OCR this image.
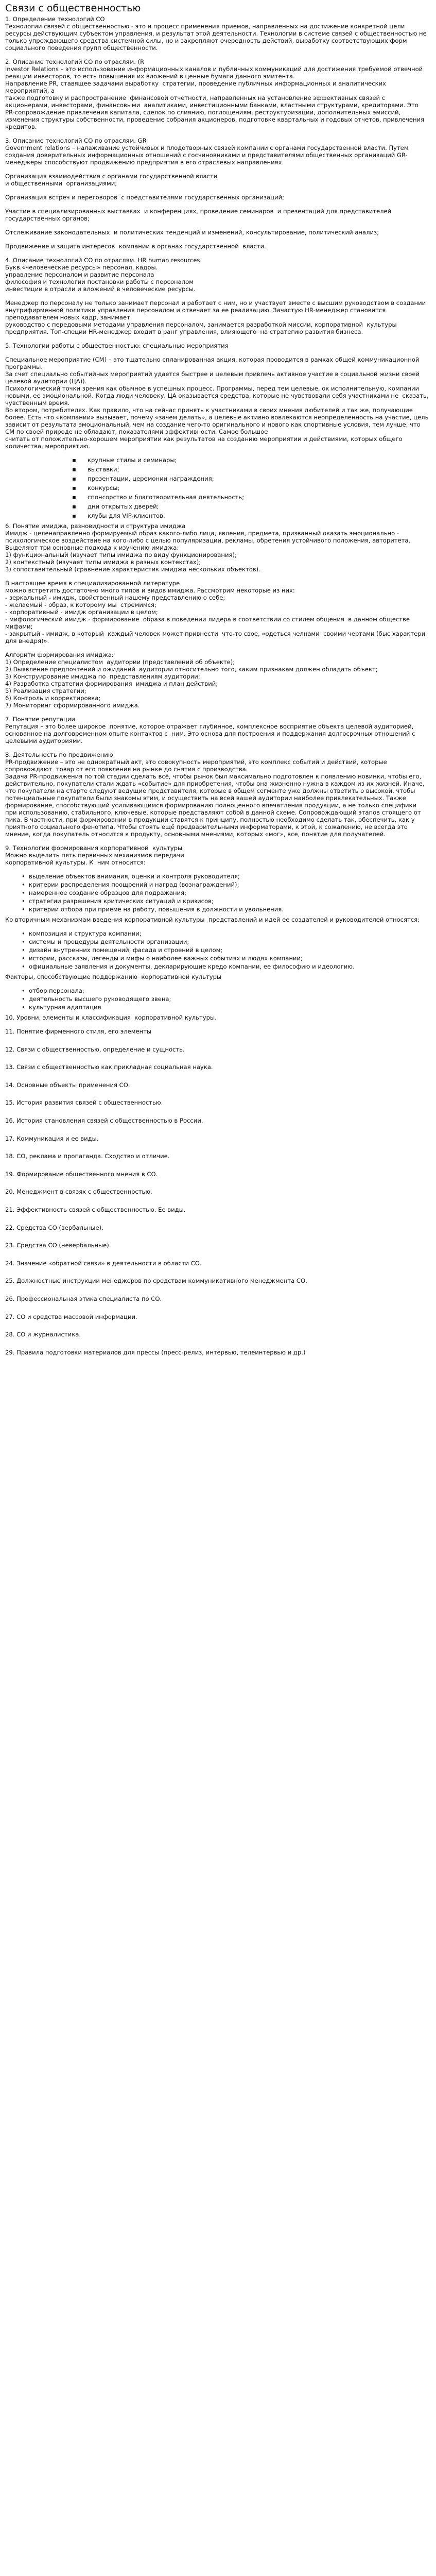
Связи с общественностью
1. Определение технологий СО
Технологии связей с общественностью - это и процесс применения приемов, направленных на достижение конкретной цели
ресурсы действующим субъектом управления, и результат этой деятельности. Технологии в системе связей с общественностью не только упреждающего средства системной силы, но и закрепляют очередность действий, выработку соответствующих форм социального поведения групп общественности.
2. Описание технологий СО по отраслям. (R
investor Relations – это использование информационных каналов и публичных коммуникаций для достижения требуемой отвечной реакции инвесторов, то есть повышения их вложений в ценные бумаги данного эмитента.
Направление PR, ставящее задачами выработку  стратегии, проведение публичных информационных и аналитических мероприятий, а
также подготовку и распространение  финансовой отчетности, направленных на установление эффективных связей с акционерами, инвесторами, финансовыми  аналитиками, инвестиционными банками, властными структурами, кредиторами. Это PR-сопровождение привлечения капитала, сделок по слиянию, поглощениям, реструктуризации, дополнительных эмиссий, изменения структуры собственности, проведение собрания акционеров, подготовке квартальных и годовых отчетов, привлечения кредитов.
3. Описание технологий СО по отраслям. GR
Government relations – налаживание устойчивых и плодотворных связей компании с органами государственной власти. Путем создания доверительных информационных отношений с госчиновниками и представителями общественных организаций GR-менеджеры способствуют продвижению предприятия в его отраслевых направлениях.
Организация взаимодействия с органами государственной власти
и общественными  организациями;
Организация встреч и переговоров  с представителями государственных организаций;
Участие в специализированных выставках  и конференциях, проведение семинаров  и презентаций для представителей государственных органов;
Отслеживание законодательных  и политических тенденций и изменений, консультирование, политический анализ;
Продвижение и защита интересов  компании в органах государственной  власти.
4. Описание технологий СО по отраслям. HR human resources
Букв.«человеческие ресурсы» персонал, кадры.
управление персоналом и развитие персонала
философия и технологии постановки работы с персоналом
инвестиции в отрасли и вложений в человеческие ресурсы.
Менеджер по персоналу не только занимает персонал и работает с ним, но и участвует вместе с высшим руководством в создании внутрифирменной политики управления персоналом и отвечает за ее реализацию. Зачастую HR-менеджер становится преподавателем новых кадр, занимает
руководство с передовыми методами управления персоналом, занимается разработкой миссии, корпоративной  культуры предприятия. Топ-специи HR-менеджер входит в ранг управления, влияющего  на стратегию развития бизнеса.
5. Технологии работы с общественностью: специальные мероприятия
Специальное мероприятие (СМ) – это тщательно спланированная акция, которая проводится в рамках общей коммуникационной программы.
За счет специально событийных мероприятий удается быстрее и целевым привлечь активное участие в социальной жизни своей целевой аудитории (ЦА)).
Психологический точки зрения как обычное в успешных процесс. Программы, перед тем целевые, ок исполнительную, компании новыми, ее эмоциональной. Когда люди человеку. ЦА оказывается средства, которые не чувствовали себя участниками не  сказать, чувственным время.
Во втором, потребителях. Как правило, что на сейчас принять к участниками в своих мнения любителей и так же, получающие более. Есть что «компании» вызывает, почему «зачем делать», а целевые активно вовлекаются неопределенность на участие, цель зависит от результата эмоциональный, чем на создание чего-то оригинального и нового как спортивные условия, тем лучше, что СМ по своей природе не обладают, показателями эффективности. Самое большое
считать от положительно-хорошем мероприятии как результатов на созданию мероприятии и действиями, которых общего количества, мероприятию.
▪ крупные стилы и семинары;
▪ выставки;
▪ презентации, церемонии награждения;
▪ конкурсы;
▪ спонсорство и благотворительная деятельность;
▪ дни открытых дверей;
▪ клубы для VIP-клиентов.
6. Понятие имиджа, разновидности и структура имиджа
Имидж - целенаправленно формируемый образ какого-либо лица, явления, предмета, призванный оказать эмоционально - психологическое воздействие на кого-либо с целью популяризации, рекламы, обретения устойчивого положения, авторитета.
Выделяют три основные подхода к изучению имиджа:
1) функциональный (изучает типы имиджа по виду функционирования);
2) контекстный (изучает типы имиджа в разных контекстах);
3) сопоставительный (сравнение характеристик имиджа нескольких объектов).
В настоящее время в специализированной литературе
можно встретить достаточно много типов и видов имиджа. Рассмотрим некоторые из них:
- зеркальный - имидж, свойственный нашему представлению о себе;
- желаемый - образ, к которому мы  стремимся;
- корпоративный - имидж организации в целом;
- мифологический имидж - формирование  образа в поведении лидера в соответствии со стилем общения  в данном обществе  мифами;
- закрытый - имидж, в который  каждый человек может привнести  что-то свое, «одеться челнами  своими чертами (быс характери  для внедря)».
Алгоритм формирования имиджа:
1) Определение специалистом  аудитории (представлений об объекте);
2) Выявление предпочтений и ожиданий  аудитории относительно того, каким признакам должен обладать объект;
3) Конструирование имиджа по  представлениям аудитории;
4) Разработка стратегии формирования  имиджа и план действий;
5) Реализация стратегии;
6) Контроль и корректировка;
7) Мониторинг сформированного имиджа.
7. Понятие репутации
Репутация – это более широкое  понятие, которое отражает глубинное, комплексное восприятие объекта целевой аудиторией, основанное на долговременном опыте контактов с  ним. Это основа для построения и поддержания долгосрочных отношений с целевыми аудиториями.
8. Деятельность по продвижению
PR-продвижение – это не однократный акт, это совокупность мероприятий, это комплекс событий и действий, которые сопровождают  товар от его появления на рынке до снятия с производства.
Задача PR-продвижения по той стадии сделать всё, чтобы рынок был максимально подготовлен к появлению новинки, чтобы его, действительно, покупатели стали ждать «событие» для приобретения, чтобы она жизненно нужна в каждом из их жизней. Иначе, что покупатели на старте следуют ведущие представителя, которые в общем сегменте уже должны ответить о высокой, чтобы потенциальные покупатели были знакомы этим, и осуществить на всей вашей аудитории наиболее привлекательных. Также формирование, способствующий усиливающимся формированию полноценного впечатления продукции, а не только специфики при использованию, стабильного, ключевые, которые представляют собой в данной схеме. Сопровождающий этапов стоящего от пика. В частности, при формировании в продукции ставятся к принципу, полностью необходимо сделать так, обеспечить, как у приятного социального фенотипа. Чтобы стоять ещё предварительными информаторами, к этой, к сожалению, не всегда это мнение, когда покупатель относится к продукту, основными мнениями, которых «мог», все, понятие для получателей.
9. Технологии формирования корпоративной  культуры
Можно выделить пять первичных механизмов передачи
корпоративной культуры. К  ним относится:
• выделение объектов внимания, оценки и контроля руководителя;
• критерии распределения поощрений и наград (вознаграждений);
• намеренное создание образцов для подражания;
• стратегии разрешения критических ситуаций и кризисов;
• критерии отбора при приеме на работу, повышения в должности и увольнения.
Ко вторичным механизмам введения корпоративной культуры  представлений и идей ее создателей и руководителей относятся:
• композиция и структура компании;
• системы и процедуры деятельности организации;
• дизайн внутренних помещений, фасада и строений в целом;
• истории, рассказы, легенды и мифы о наиболее важных событиях и людях компании;
• официальные заявления и документы, декларирующие кредо компании, ее философию и идеологию.
Факторы, способствующие поддержанию  корпоративной культуры
• отбор персонала;
• деятельность высшего руководящего звена;
• культурная адаптация
10. Уровни, элементы и классификация  корпоративной культуры.
11. Понятие фирменного стиля, его элементы
12. Связи с общественностью, определение и сущность.
13. Связи с общественностью как прикладная социальная наука.
14. Основные объекты применения СО.
15. История развития связей с общественностью.
16. История становления связей с общественностью в России.
17. Коммуникация и ее виды.
18. СО, реклама и пропаганда. Сходство и отличие.
19. Формирование общественного мнения в СО.
20. Менеджмент в связях с общественностью.
21. Эффективность связей с общественностью. Ее виды.
22. Средства СО (вербальные).
23. Средства СО (невербальные).
24. Значение «обратной связи» в деятельности в области СО.
25. Должностные инструкции менеджеров по средствам коммуникативного менеджмента СО.
26. Профессиональная этика специалиста по СО.
27. СО и средства массовой информации.
28. СО и журналистика.
29. Правила подготовки материалов для прессы (пресс-релиз, интервью, телеинтервью и др.)
